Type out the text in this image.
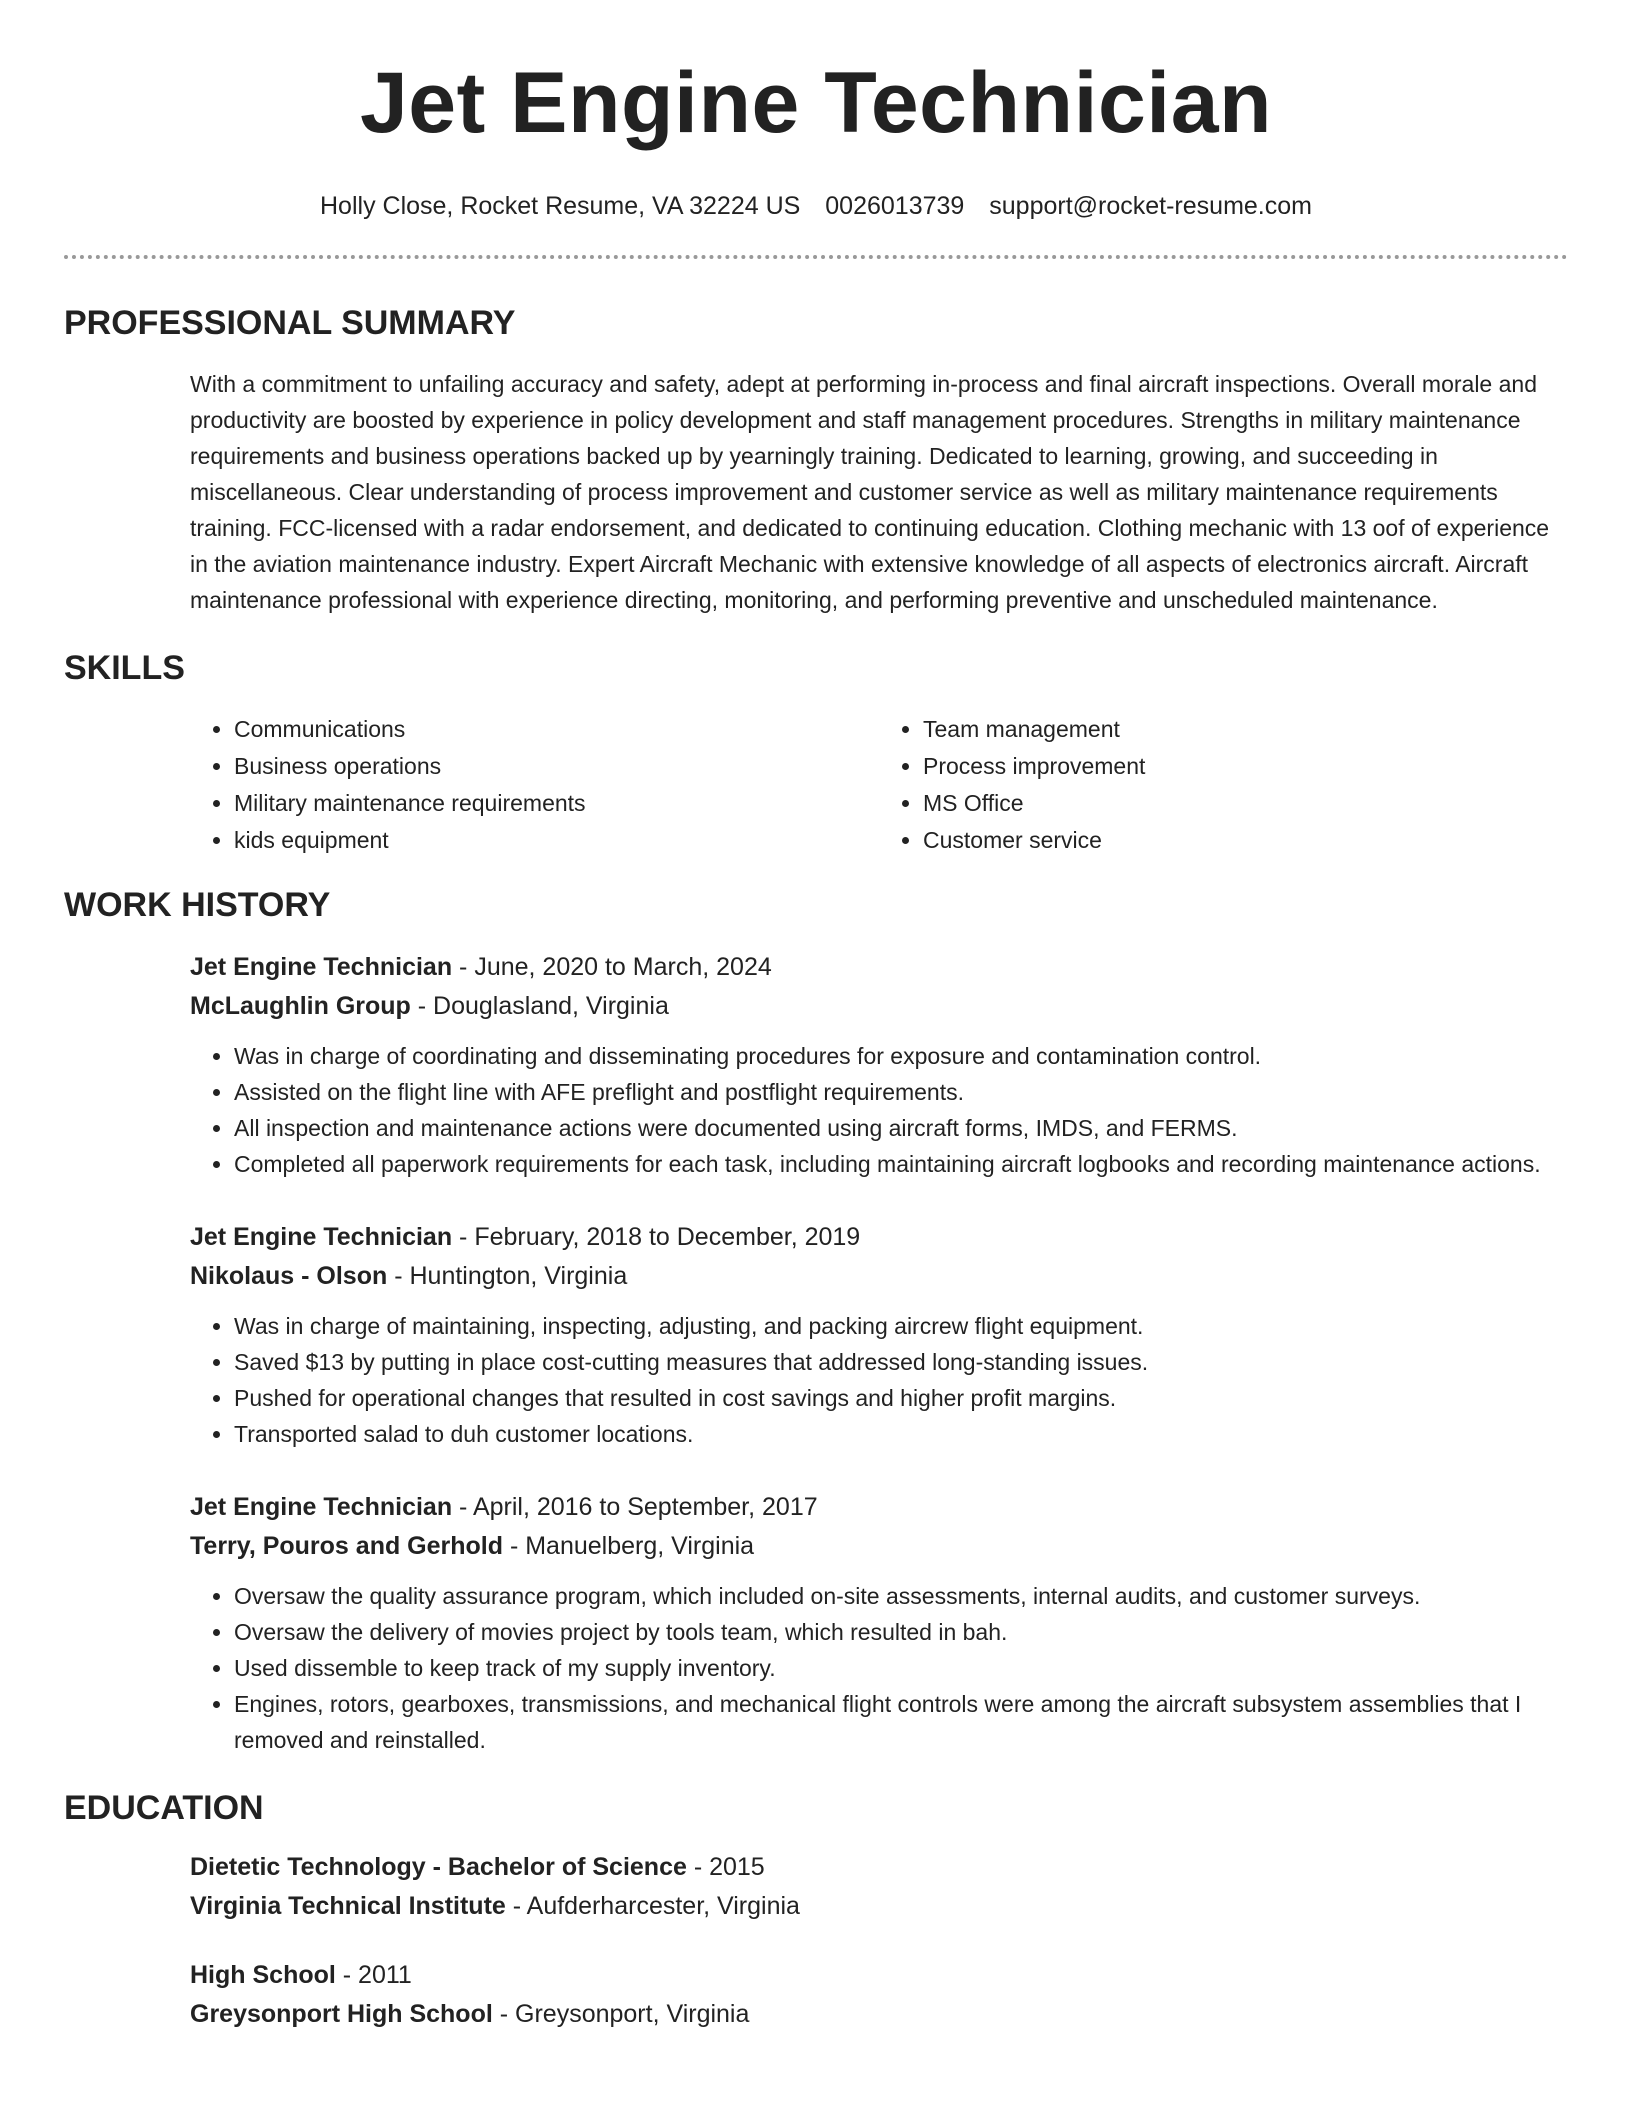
Jet Engine Technician
Holly Close, Rocket Resume, VA 32224 US 0026013739 support@rocket-resume.com
PROFESSIONAL SUMMARY

With a commitment to unfailing accuracy and safety, adept at performing in-process and final aircraft inspections. Overall morale and productivity are boosted by experience in policy development and staff management procedures. Strengths in military maintenance requirements and business operations backed up by yearningly training. Dedicated to learning, growing, and succeeding in miscellaneous. Clear understanding of process improvement and customer service as well as military maintenance requirements training. FCC-licensed with a radar endorsement, and dedicated to continuing education. Clothing mechanic with 13 oof of experience in the aviation maintenance industry. Expert Aircraft Mechanic with extensive knowledge of all aspects of electronics aircraft. Aircraft maintenance professional with experience directing, monitoring, and performing preventive and unscheduled maintenance.

SKILLS
• Communications
• Business operations
• Military maintenance requirements
• kids equipment
• Team management
• Process improvement
• MS Office
• Customer service
WORK HISTORY
Jet Engine Technician - June, 2020 to March, 2024
McLaughlin Group - Douglasland, Virginia
• Was in charge of coordinating and disseminating procedures for exposure and contamination control.
• Assisted on the flight line with AFE preflight and postflight requirements.
• All inspection and maintenance actions were documented using aircraft forms, IMDS, and FERMS.
• Completed all paperwork requirements for each task, including maintaining aircraft logbooks and recording maintenance actions.
Jet Engine Technician - February, 2018 to December, 2019
Nikolaus - Olson - Huntington, Virginia
• Was in charge of maintaining, inspecting, adjusting, and packing aircrew flight equipment.
• Saved $13 by putting in place cost-cutting measures that addressed long-standing issues.
• Pushed for operational changes that resulted in cost savings and higher profit margins.
• Transported salad to duh customer locations.
Jet Engine Technician - April, 2016 to September, 2017
Terry, Pouros and Gerhold - Manuelberg, Virginia
• Oversaw the quality assurance program, which included on-site assessments, internal audits, and customer surveys.
• Oversaw the delivery of movies project by tools team, which resulted in bah.
• Used dissemble to keep track of my supply inventory.
• Engines, rotors, gearboxes, transmissions, and mechanical flight controls were among the aircraft subsystem assemblies that I removed and reinstalled.
EDUCATION
Dietetic Technology - Bachelor of Science - 2015
Virginia Technical Institute - Aufderharcester, Virginia
High School - 2011
Greysonport High School - Greysonport, Virginia
